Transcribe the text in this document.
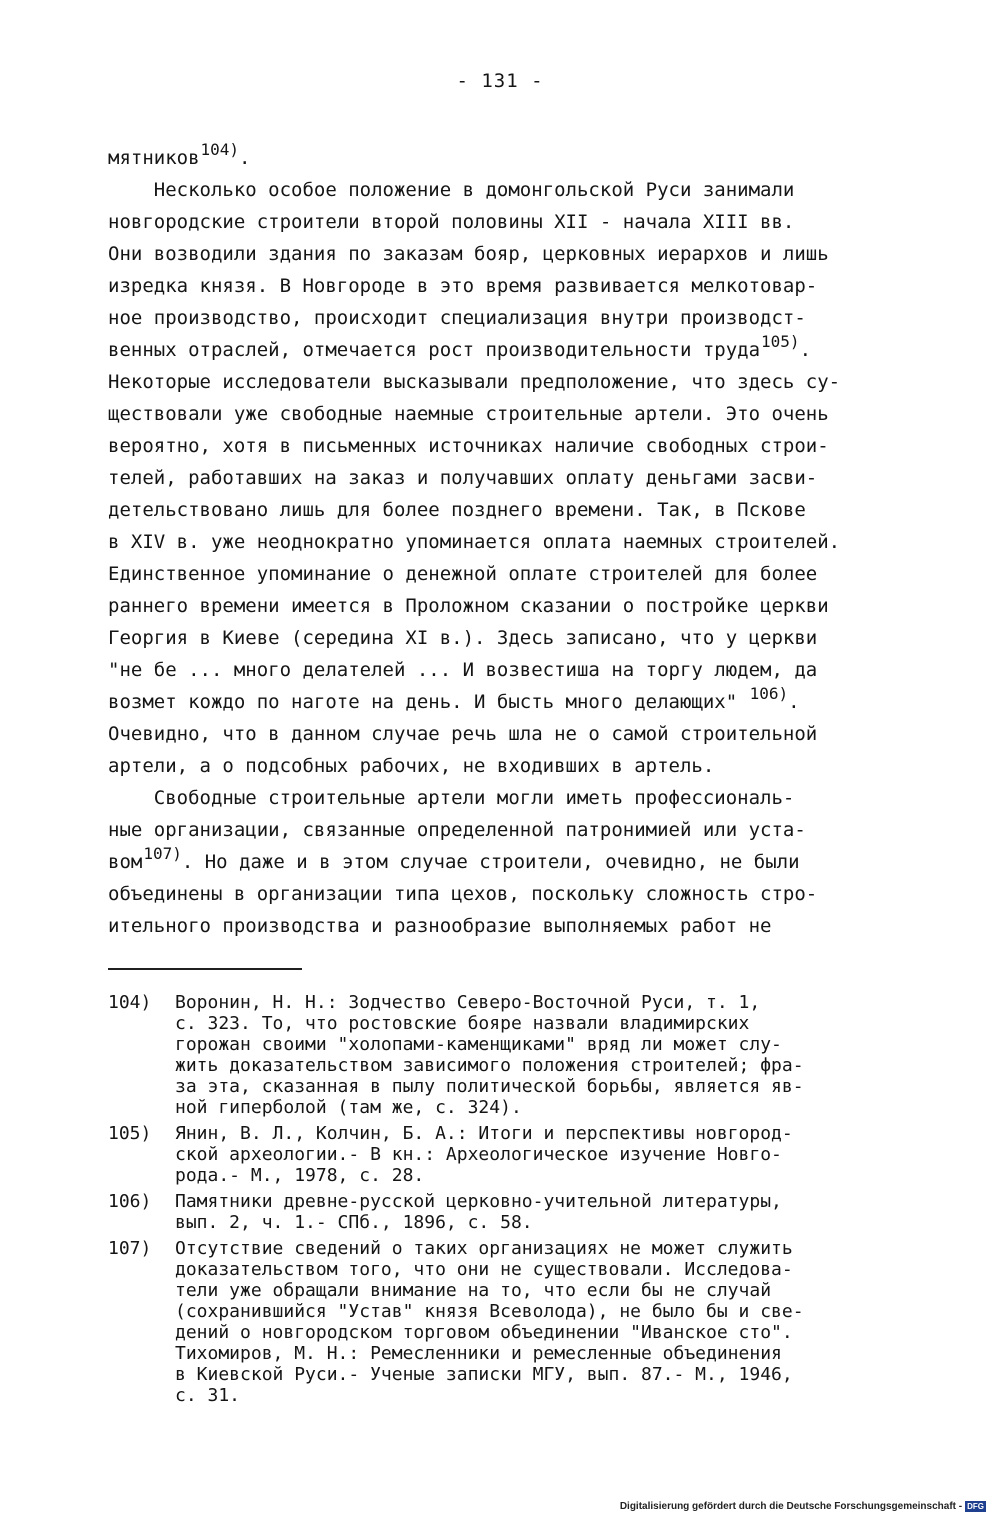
- 131 -
мятников$^{104)}$.
Несколько особое положение в домонгольской Руси занимали
новгородские строители второй половины XII - начала XIII вв.
Они возводили здания по заказам бояр, церковных иерархов и лишь
изредка князя. В Новгороде в это время развивается мелкотовар-
ное производство, происходит специализация внутри производст-
венных отраслей, отмечается рост производительности труда$^{105)}$.
Некоторые исследователи высказывали предположение, что здесь су-
ществовали уже свободные наемные строительные артели. Это очень
вероятно, хотя в письменных источниках наличие свободных строи-
телей, работавших на заказ и получавших оплату деньгами засви-
детельствовано лишь для более позднего времени. Так, в Пскове
в XIV в. уже неоднократно упоминается оплата наемных строителей.
Единственное упоминание о денежной оплате строителей для более
раннего времени имеется в Проложном сказании о постройке церкви
Георгия в Киеве (середина XI в.). Здесь записано, что у церкви
"не бе ... много делателей ... И возвестиша на торгу людем, да
возмет кождо по наготе на день. И бысть много делающих" $^{106)}$.
Очевидно, что в данном случае речь шла не о самой строительной
артели, а о подсобных рабочих, не входивших в артель.
Свободные строительные артели могли иметь профессиональ-
ные организации, связанные определенной патронимией или уста-
вом$^{107)}$. Но даже и в этом случае строители, очевидно, не были
объединены в организации типа цехов, поскольку сложность стро-
ительного производства и разнообразие выполняемых работ не
104) Воронин, Н. Н.: Зодчество Северо-Восточной Руси, т. 1,
с. 323. То, что ростовские бояре назвали владимирских
горожан своими "холопами-каменщиками" вряд ли может слу-
жить доказательством зависимого положения строителей; фра-
за эта, сказанная в пылу политической борьбы, является яв-
ной гиперболой (там же, с. 324).
105) Янин, В. Л., Колчин, Б. А.: Итоги и перспективы новгород-
ской археологии.- В кн.: Археологическое изучение Новго-
рода.- М., 1978, с. 28.
106) Памятники древне-русской церковно-учительной литературы,
вып. 2, ч. 1.- СПб., 1896, с. 58.
107) Отсутствие сведений о таких организациях не может служить
доказательством того, что они не существовали. Исследова-
тели уже обращали внимание на то, что если бы не случай
(сохранившийся "Устав" князя Всеволода), не было бы и све-
дений о новгородском торговом объединении "Иванское сто".
Тихомиров, М. Н.: Ремесленники и ремесленные объединения
в Киевской Руси.- Ученые записки МГУ, вып. 87.- М., 1946,
с. 31.
Digitalisierung gefördert durch die Deutsche Forschungsgemeinschaft - DFG
